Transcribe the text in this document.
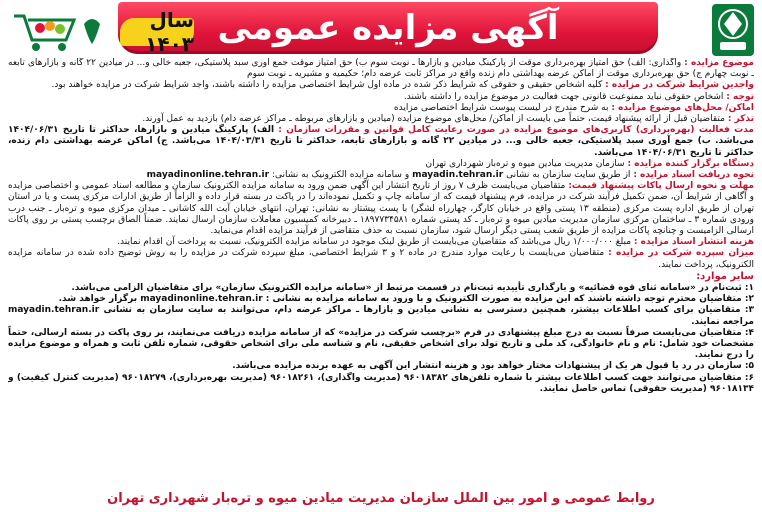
آگهی مزایده عمومی
سال ۱۴۰۳

موضوع مزایده : واگذاری: الف) حق امتیاز بهره‌برداری موقت از پارکینگ میادین و بازارها ـ نوبت سوم ب) حق امتیاز موقت جمع آوری سبد پلاستیکی، جعبه خالی و... در میادین ۲۲ گانه و بازارهای تابعه ـ نوبت چهارم ج) حق بهره‌برداری موقت از اماکن عرضه بهداشتی دام زنده واقع در مراکز ثابت عرضه دام؛ حکیمیه و مشیریه ـ نوبت سوم

واجدین شرایط شرکت در مزایده : کلیه اشخاص حقیقی و حقوقی که شرایط ذکر شده در ماده اول شرایط اختصاصی مزایده را داشته باشند، واجد شرایط شرکت در مزایده خواهند بود.

توجه : اشخاص حقوقی نباید ممنوعیت قانونی جهت فعالیت در موضوع مزایده را داشته باشند.

اماکن/ محل‌های موضوع مزایده : به شرح مندرج در لیست پیوست شرایط اختصاصی مزایده

تذکر : متقاضیان قبل از ارائه پیشنهاد قیمت، حتماً می بایست از اماکن/ محل‌های موضوع مزایده (میادین و بازارهای مربوطه ـ مراکز عرضه دام) بازدید به عمل آورند.

مدت فعالیت (بهره‌برداری) کاربری‌های موضوع مزایده در صورت رعایت کامل قوانین و مقررات سازمان : الف) پارکینگ میادین و بازارها، حداکثر تا تاریخ ۱۴۰۴/۰۶/۳۱ می‌باشد. ب) جمع آوری سبد پلاستیکی، جعبه خالی و... در میادین ۲۲ گانه و بازارهای تابعه، حداکثر تا تاریخ ۱۴۰۴/۰۳/۳۱ می‌باشد. ج) اماکن عرضه بهداشتی دام زنده، حداکثر تا تاریخ ۱۴۰۴/۰۶/۳۱ می‌باشد.

دستگاه برگزار کننده مزایده : سازمان مدیریت میادین میوه و تره‌بار شهرداری تهران

نحوه دریافت اسناد مزایده : از طریق سایت سازمان به نشانی mayadin.tehran.ir و سامانه مزایده الکترونیک به نشانی: mayadinonline.tehran.ir

مهلت و نحوه ارسال پاکات پیشنهاد قیمت: متقاضیان می‌بایست ظرف ۷ روز از تاریخ انتشار این آگهی ضمن ورود به سامانه مزایده الکترونیک سازمان و مطالعه اسناد عمومی و اختصاصی مزایده و آگاهی از شرایط آن، ضمن تکمیل فرآیند شرکت در مزایده، فرم پیشنهاد قیمت که از سامانه چاپ و تکمیل نموده‌اند را در پاکت در بسته قرار داده و الزاماً از طریق ادارات مرکزی پست و یا در استان تهران از طریق اداره پست مرکزی (منطقه ۱۳ پستی واقع در خیابان کارگر، چهارراه لشگر) با پست پیشتاز به نشانی: تهران، انتهای خیابان آیت الله کاشانی ـ میدان مرکزی میوه و تره‌بار ـ جنب درب ورودی شماره ۳ ـ ساختمان مرکزی سازمان مدیریت میادین میوه و تره‌بار ـ کد پستی شماره ۱۸۹۷۷۳۴۵۸۱ ـ دبیرخانه کمیسیون معاملات سازمان ارسال نمایند. ضمناً الصاق برچسب پستی بر روی پاکات ارسالی الزامیست و چنانچه پاکات مزایده از طریق شعب پستی دیگر ارسال شود، سازمان نسبت به حذف متقاضی از فرآیند مزایده اقدام می‌نماید.

هزینه انتشار اسناد مزایده : مبلغ ۱/۰۰۰/۰۰۰ ریال می‌باشد که متقاضیان می‌بایست از طریق لینک موجود در سامانه مزایده الکترونیک، نسبت به پرداخت آن اقدام نمایند.

میزان سپرده شرکت در مزایده : متقاضیان می‌بایست با رعایت موارد مندرج در ماده ۲ و ۳ شرایط اختصاصی، مبلغ سپرده شرکت در مزایده را به روش توضیح داده شده در سامانه مزایده الکترونیک، پرداخت نمایند.

سایر موارد:

۱: ثبت‌نام در «سامانه ثنای قوه قضائیه» و بارگذاری تأییدیه ثبت‌نام در قسمت مرتبط از «سامانه مزایده الکترونیک سازمان» برای متقاضیان الزامی می‌باشد.

۲: متقاضیان محترم توجه داشته باشند که این مزایده به صورت الکترونیک و با ورود به سامانه مزایده به نشانی : mayadinonline.tehran.ir برگزار خواهد شد.

۳: متقاضیان برای کسب اطلاعات بیشتر، همچنین دسترسی به نشانی میادین و بازارها ـ مراکز عرضه دام، می‌توانند به سایت سازمان به نشانی mayadin.tehran.ir مراجعه نمایند.

۴: متقاضیان می‌بایست صرفاً نسبت به درج مبلغ پیشنهادی در فرم «برچسب شرکت در مزایده» که از سامانه مزایده دریافت می‌نمایند، بر روی پاکت در بسته ارسالی، حتماً مشخصات خود شامل: نام و نام خانوادگی، کد ملی و تاریخ تولد برای اشخاص حقیقی، نام و شناسه ملی برای اشخاص حقوقی، شماره تلفن ثابت و همراه و موضوع مزایده را درج نمایند.

۵: سازمان در رد یا قبول هر یک از پیشنهادات مختار خواهد بود و هزینه انتشار این آگهی به عهده برنده مزایده می‌باشد.

۶: متقاضیان می‌توانند جهت کسب اطلاعات بیشتر با شماره تلفن‌های ۹۶۰۱۸۳۸۲ (مدیریت واگذاری)، ۹۶۰۱۸۲۶۱ (مدیریت بهره‌برداری)، ۹۶۰۱۸۲۷۹ (مدیریت کنترل کیفیت) و ۹۶۰۱۸۱۳۴ (مدیریت حقوقی) تماس حاصل نمایند.

روابط عمومی و امور بین الملل سازمان مدیریت میادین میوه و تره‌بار شهرداری تهران
